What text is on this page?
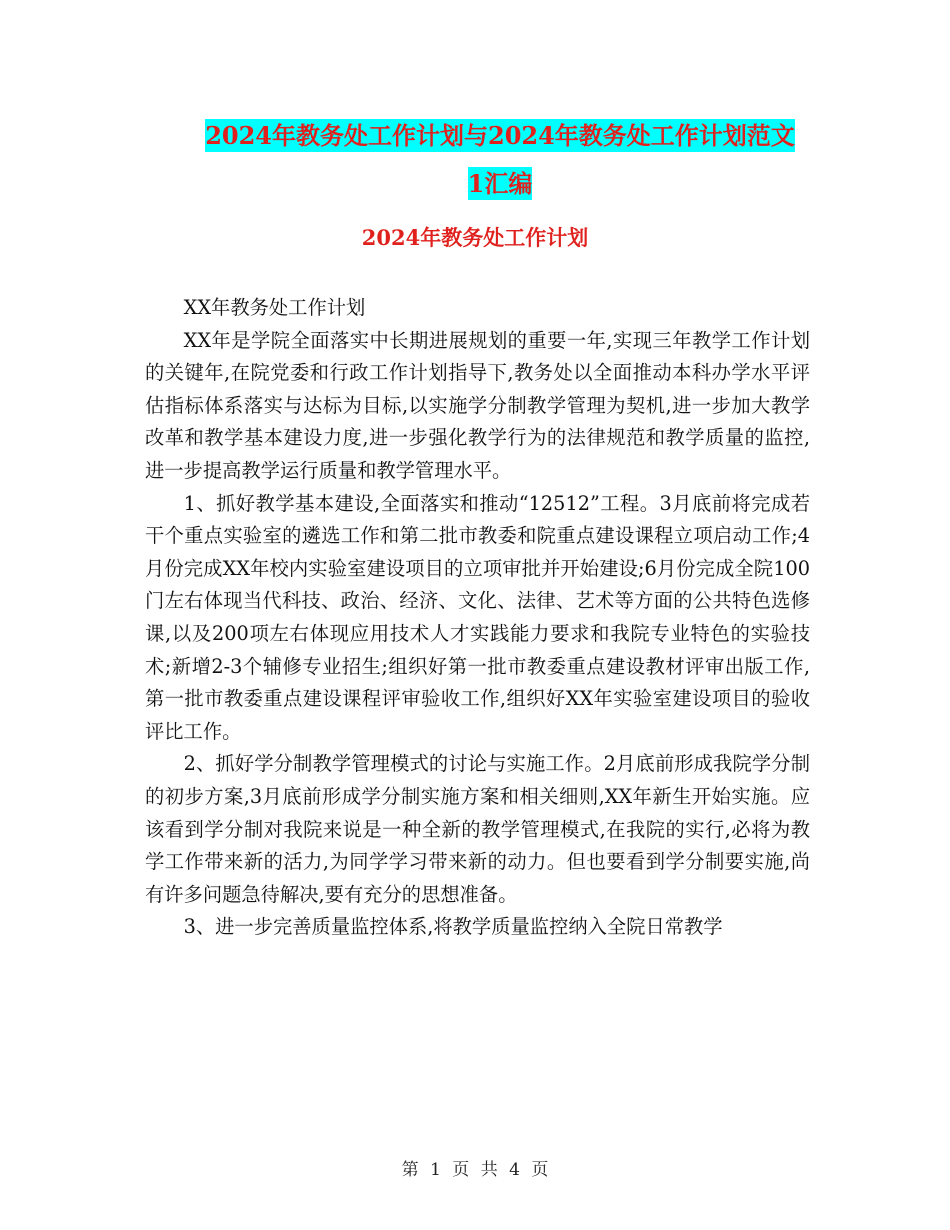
2024年教务处工作计划与2024年教务处工作计划范文
1汇编
2024年教务处工作计划

XX年教务处工作计划

XX年是学院全面落实中长期进展规划的重要一年,实现三年教学工作计划的关键年,在院党委和行政工作计划指导下,教务处以全面推动本科办学水平评估指标体系落实与达标为目标,以实施学分制教学管理为契机,进一步加大教学改革和教学基本建设力度,进一步强化教学行为的法律规范和教学质量的监控,进一步提高教学运行质量和教学管理水平。

1、抓好教学基本建设,全面落实和推动“12512”工程。3月底前将完成若干个重点实验室的遴选工作和第二批市教委和院重点建设课程立项启动工作;4月份完成XX年校内实验室建设项目的立项审批并开始建设;6月份完成全院100门左右体现当代科技、政治、经济、文化、法律、艺术等方面的公共特色选修课,以及200项左右体现应用技术人才实践能力要求和我院专业特色的实验技术;新增2-3个辅修专业招生;组织好第一批市教委重点建设教材评审出版工作,第一批市教委重点建设课程评审验收工作,组织好XX年实验室建设项目的验收评比工作。

2、抓好学分制教学管理模式的讨论与实施工作。2月底前形成我院学分制的初步方案,3月底前形成学分制实施方案和相关细则,XX年新生开始实施。应该看到学分制对我院来说是一种全新的教学管理模式,在我院的实行,必将为教学工作带来新的活力,为同学学习带来新的动力。但也要看到学分制要实施,尚有许多问题急待解决,要有充分的思想准备。

3、进一步完善质量监控体系,将教学质量监控纳入全院日常教学

第 1 页 共 4 页
